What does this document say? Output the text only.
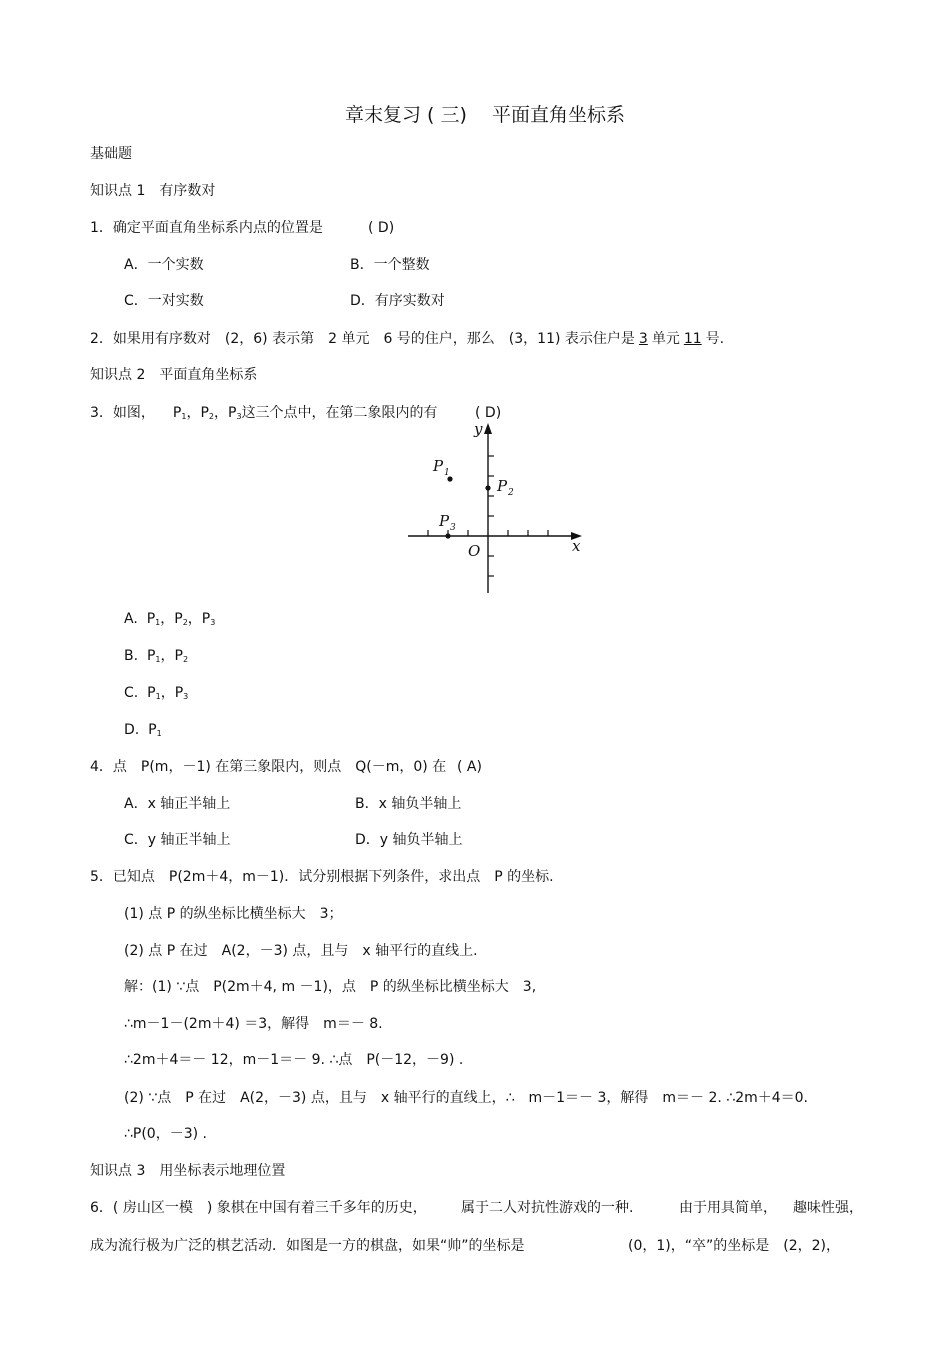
章末复习 ( 三)　 平面直角坐标系
基础题
知识点 1　有序数对
1．确定平面直角坐标系内点的位置是	( D)
A．一个实数	B．一个整数
C．一对实数	D．有序实数对
2．如果用有序数对　(2，6) 表示第　2 单元　6 号的住户，那么　(3，11) 表示住户是 3 单元 11 号.
知识点 2　平面直角坐标系
3．如图， $P_1$，$P_2$，$P_3$这三个点中，在第二象限内的有	( D)
y
x
O
P 1
P 2
P 3
A. $P_1$，$P_2$，$P_3$
B. $P_1$，$P_2$
C. $P_1$，$P_3$
D. $P_1$
4．点　P(m，－1) 在第三象限内，则点　Q(－m，0) 在 ( A)
A．x 轴正半轴上	B．x 轴负半轴上
C．y 轴正半轴上	D．y 轴负半轴上
5．已知点　P(2m＋4，m－1)．试分别根据下列条件，求出点　P 的坐标.
(1) 点 P 的纵坐标比横坐标大　3；
(2) 点 P 在过　A(2，－3) 点，且与　x 轴平行的直线上.
解：(1) ∵点　P(2m＋4, m －1)，点　P 的纵坐标比横坐标大　3,
∴m－1－(2m＋4) ＝3，解得　m＝－ 8.
∴2m＋4＝－ 12，m－1＝－ 9. ∴点　P(－12，－9) .
(2) ∵点　P 在过　A(2，－3) 点，且与　x 轴平行的直线上，∴　m－1＝－ 3，解得　m＝－ 2. ∴2m＋4＝0.
∴P(0，－3) .
知识点 3　用坐标表示地理位置
6．( 房山区一模　) 象棋在中国有着三千多年的历史， 属于二人对抗性游戏的一种.	由于用具简单， 趣味性强，
成为流行极为广泛的棋艺活动．如图是一方的棋盘，如果“帅”的坐标是	(0，1)，“卒”的坐标是　(2，2)，
